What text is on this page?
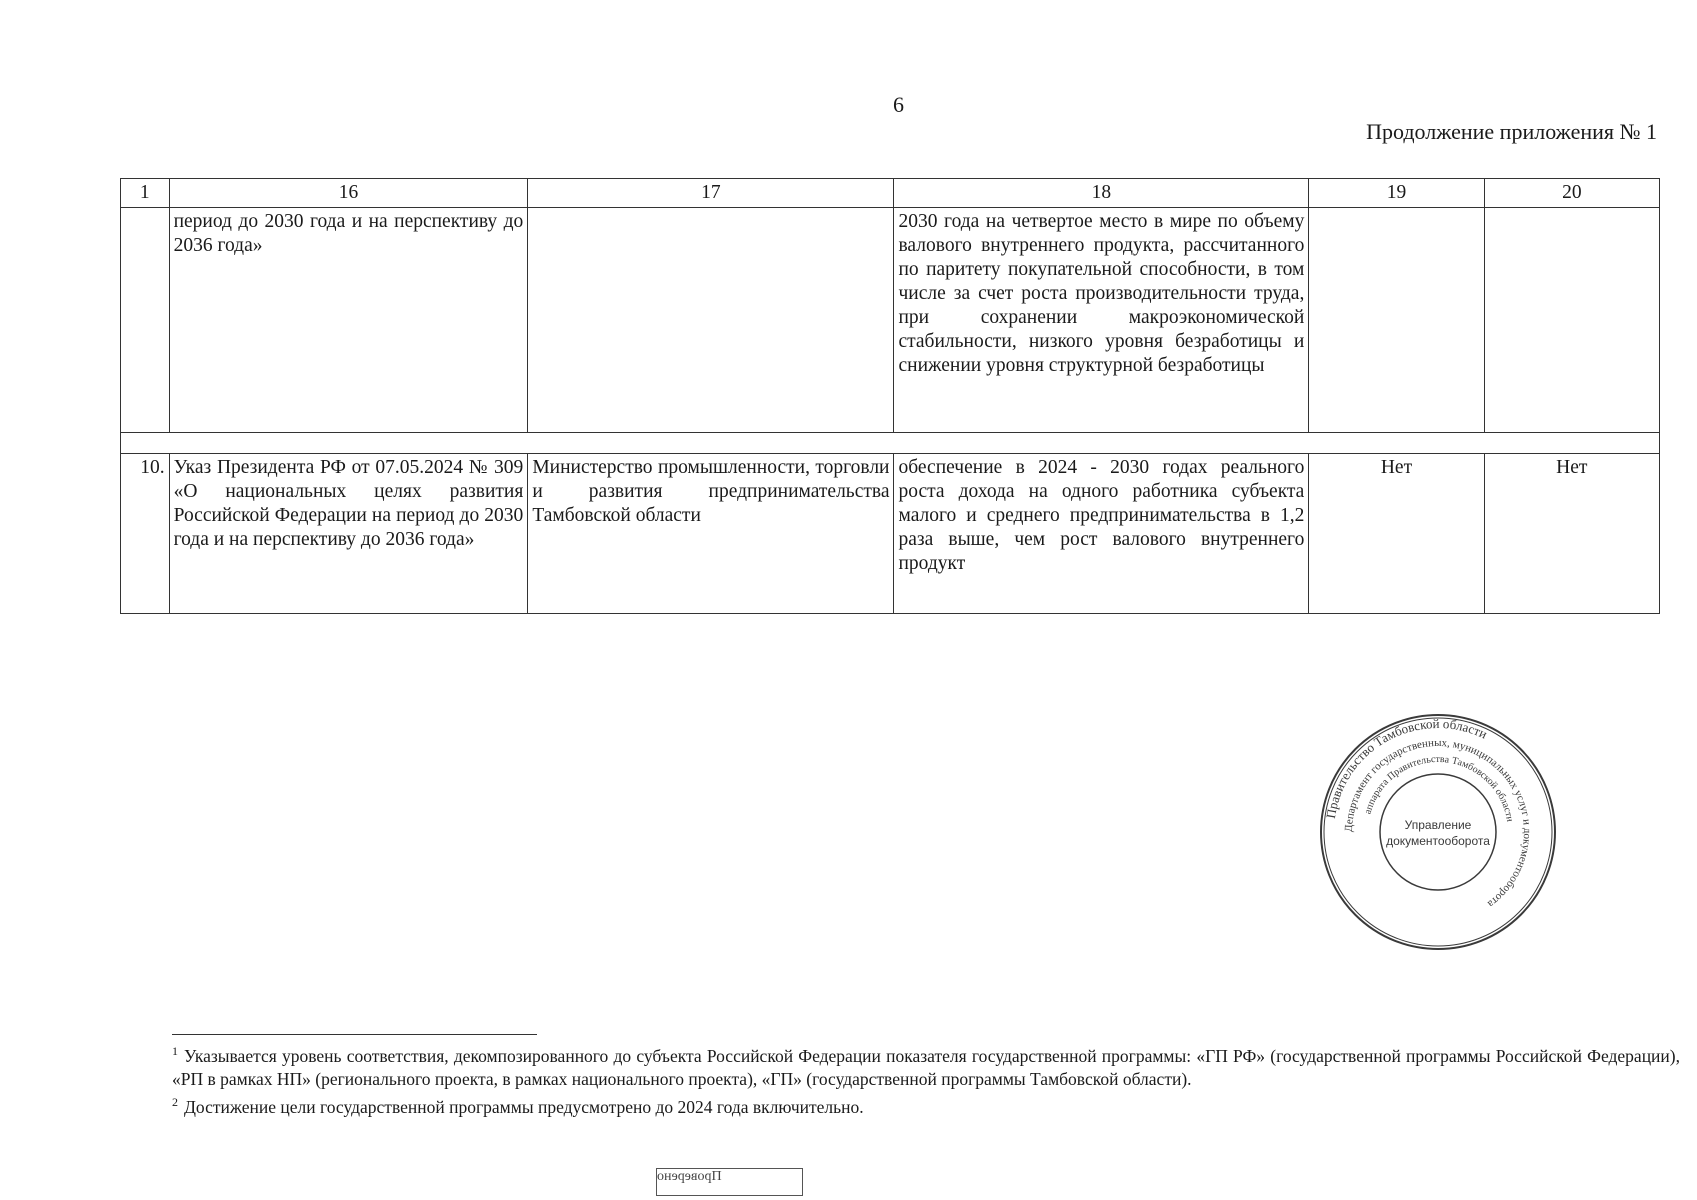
6
Продолжение приложения № 1
1	16	17	18	19	20
	период до 2030 года и на перспективу до 2036 года»		2030 года на четвертое место в мире по объему валового внутреннего продукта, рассчитанного по паритету покупательной способности, в том числе за счет роста производительности труда, при сохранении макроэкономической стабильности, низкого уровня безработицы и снижении уровня структурной безработицы		

10.	Указ Президента РФ от 07.05.2024 № 309 «О национальных целях развития Российской Федерации на период до 2030 года и на перспективу до 2036 года»	Министерство промышленности, торговли и развития предпринимательства Тамбовской области	обеспечение в 2024 - 2030 годах реального роста дохода на одного работника субъекта малого и среднего предпринимательства в 1,2 раза выше, чем рост валового внутреннего продукт	Нет	Нет
Правительство Тамбовской области
Департамент государственных, муниципальных услуг и документооборота
аппарата Правительства Тамбовской области
Управление
документооборота

$^1$ Указывается уровень соответствия, декомпозированного до субъекта Российской Федерации показателя государственной программы: «ГП РФ» (государственной программы Российской Федерации), «РП в рамках НП» (регионального проекта, в рамках национального проекта), «ГП» (государственной программы Тамбовской области).

$^2$ Достижение цели государственной программы предусмотрено до 2024 года включительно.

Проверено
